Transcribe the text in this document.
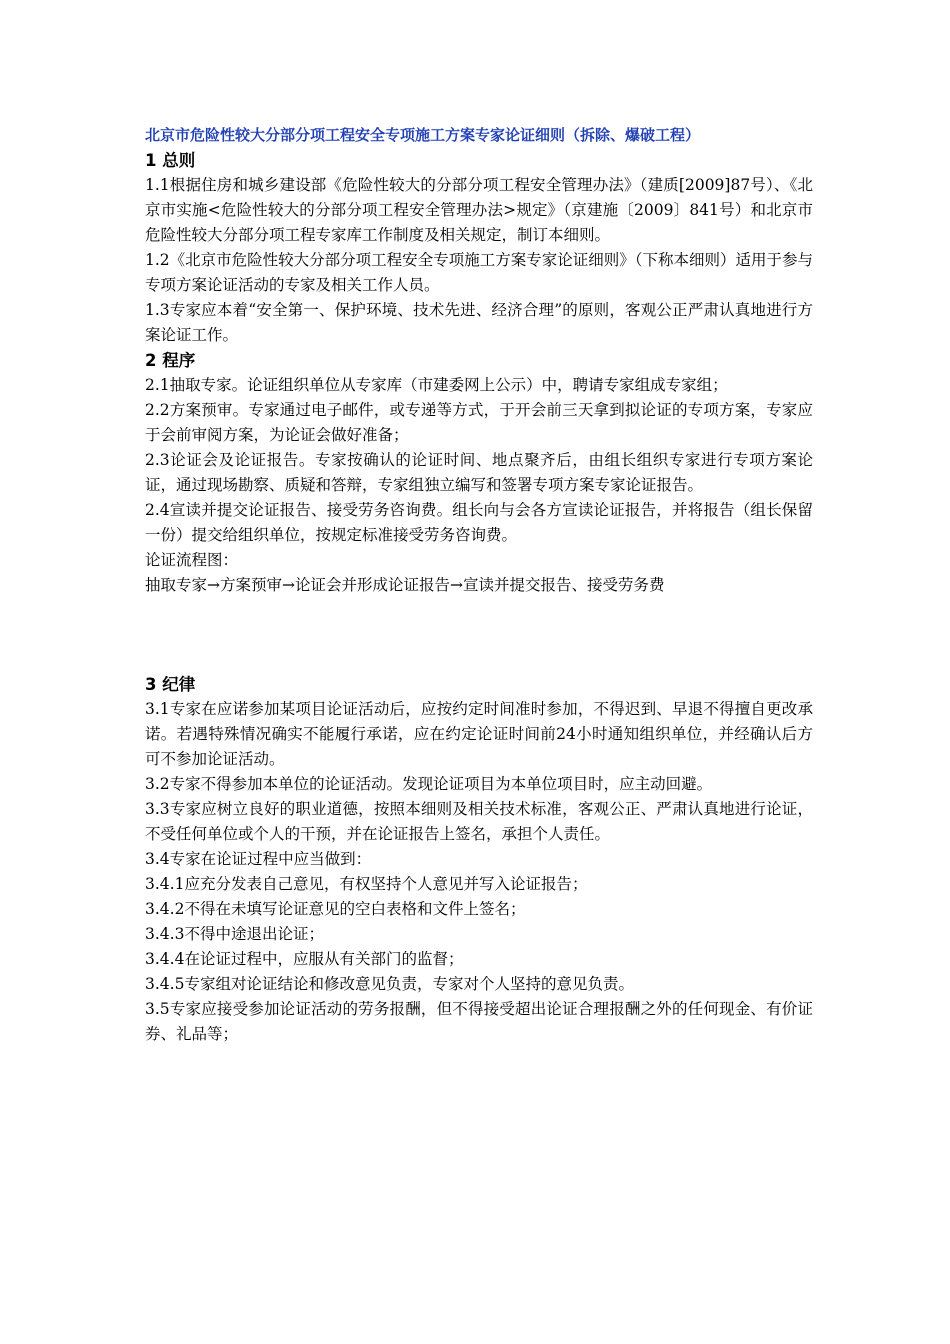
北京市危险性较大分部分项工程安全专项施工方案专家论证细则（拆除、爆破工程）
1 总则

1.1根据住房和城乡建设部《危险性较大的分部分项工程安全管理办法》（建质[2009]87号）、《北京市实施<危险性较大的分部分项工程安全管理办法>规定》（京建施〔2009〕841号）和北京市危险性较大分部分项工程专家库工作制度及相关规定，制订本细则。

1.2《北京市危险性较大分部分项工程安全专项施工方案专家论证细则》（下称本细则）适用于参与专项方案论证活动的专家及相关工作人员。

1.3专家应本着“安全第一、保护环境、技术先进、经济合理”的原则，客观公正严肃认真地进行方案论证工作。

2 程序

2.1抽取专家。论证组织单位从专家库（市建委网上公示）中，聘请专家组成专家组；

2.2方案预审。专家通过电子邮件，或专递等方式，于开会前三天拿到拟论证的专项方案，专家应于会前审阅方案，为论证会做好准备；

2.3论证会及论证报告。专家按确认的论证时间、地点聚齐后，由组长组织专家进行专项方案论证，通过现场勘察、质疑和答辩，专家组独立编写和签署专项方案专家论证报告。

2.4宣读并提交论证报告、接受劳务咨询费。组长向与会各方宣读论证报告，并将报告（组长保留一份）提交给组织单位，按规定标准接受劳务咨询费。

论证流程图：

抽取专家→方案预审→论证会并形成论证报告→宣读并提交报告、接受劳务费

3 纪律

3.1专家在应诺参加某项目论证活动后，应按约定时间准时参加，不得迟到、早退不得擅自更改承诺。若遇特殊情况确实不能履行承诺，应在约定论证时间前24小时通知组织单位，并经确认后方可不参加论证活动。

3.2专家不得参加本单位的论证活动。发现论证项目为本单位项目时，应主动回避。

3.3专家应树立良好的职业道德，按照本细则及相关技术标准，客观公正、严肃认真地进行论证，不受任何单位或个人的干预，并在论证报告上签名，承担个人责任。

3.4专家在论证过程中应当做到：

3.4.1应充分发表自己意见，有权坚持个人意见并写入论证报告；

3.4.2不得在未填写论证意见的空白表格和文件上签名；

3.4.3不得中途退出论证；

3.4.4在论证过程中，应服从有关部门的监督；

3.4.5专家组对论证结论和修改意见负责，专家对个人坚持的意见负责。

3.5专家应接受参加论证活动的劳务报酬，但不得接受超出论证合理报酬之外的任何现金、有价证券、礼品等；
